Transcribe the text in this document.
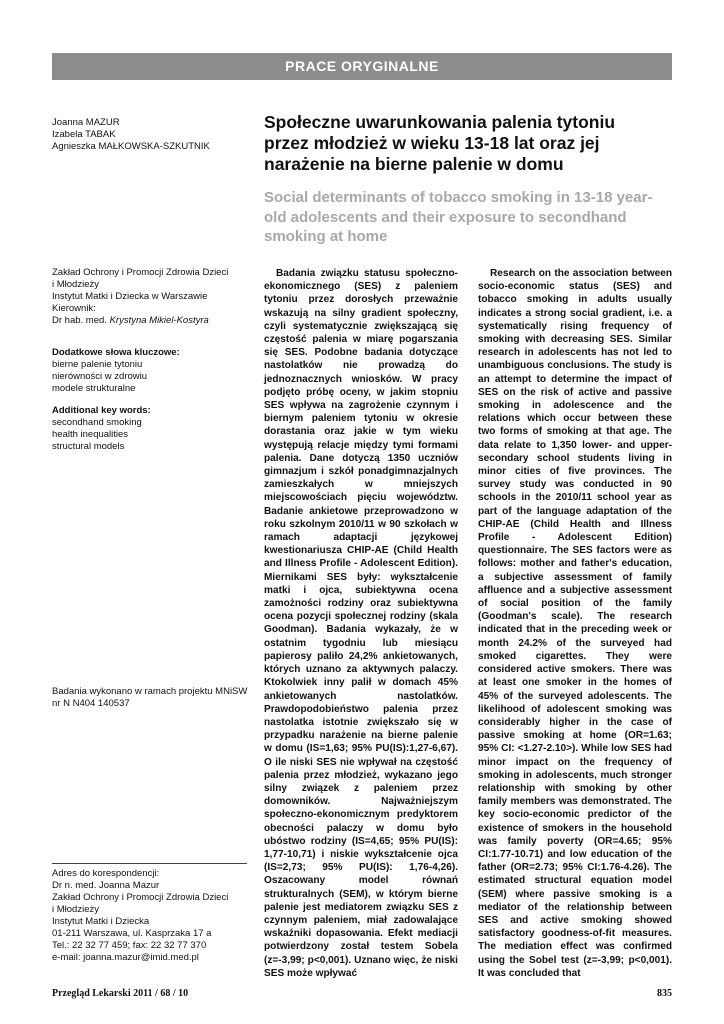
PRACE ORYGINALNE
Joanna MAZUR
Izabela TABAK
Agnieszka MAŁKOWSKA-SZKUTNIK
Społeczne uwarunkowania palenia tytoniu przez młodzież w wieku 13-18 lat oraz jej narażenie na bierne palenie w domu
Social determinants of tobacco smoking in 13-18 year-old adolescents and their exposure to secondhand smoking at home
Zakład Ochrony i Promocji Zdrowia Dzieci
i Młodzieży
Instytut Matki i Dziecka w Warszawie
Kierownik:
Dr hab. med. Krystyna Mikiel-Kostyra
Dodatkowe słowa kluczowe:
bierne palenie tytoniu
nierówności w zdrowiu
modele strukturalne
Additional key words:
secondhand smoking
health inequalities
structural models
Badania wykonano w ramach projektu MNiSW
nr N N404 140537
Adres do korespondencji:
Dr n. med. Joanna Mazur
Zakład Ochrony i Promocji Zdrowia Dzieci
i Młodzieży
Instytut Matki i Dziecka
01-211 Warszawa, ul. Kasprzaka 17 a
Tel.: 22 32 77 459; fax: 22 32 77 370
e-mail: joanna.mazur@imid.med.pl

Badania związku statusu społeczno-ekonomicznego (SES) z paleniem tytoniu przez dorosłych przeważnie wskazują na silny gradient społeczny, czyli systematycznie zwiększającą się częstość palenia w miarę pogarszania się SES. Podobne badania dotyczące nastolatków nie prowadzą do jednoznacznych wniosków. W pracy podjęto próbę oceny, w jakim stopniu SES wpływa na zagrożenie czynnym i biernym paleniem tytoniu w okresie dorastania oraz jakie w tym wieku występują relacje między tymi formami palenia. Dane dotyczą 1350 uczniów gimnazjum i szkół ponadgimnazjalnych zamieszkałych w mniejszych miejscowościach pięciu województw. Badanie ankietowe przeprowadzono w roku szkolnym 2010/11 w 90 szkołach w ramach adaptacji językowej kwestionariusza CHIP-AE (Child Health and Illness Profile - Adolescent Edition). Miernikami SES były: wykształcenie matki i ojca, subiektywna ocena zamożności rodziny oraz subiektywna ocena pozycji społecznej rodziny (skala Goodman). Badania wykazały, że w ostatnim tygodniu lub miesiącu papierosy paliło 24,2% ankietowanych, których uznano za aktywnych palaczy. Ktokolwiek inny palił w domach 45% ankietowanych nastolatków. Prawdopodobieństwo palenia przez nastolatka istotnie zwiększało się w przypadku narażenie na bierne palenie w domu (IS=1,63; 95% PU(IS):1,27-6,67). O ile niski SES nie wpływał na częstość palenia przez młodzież, wykazano jego silny związek z paleniem przez domowników. Najważniejszym społeczno-ekonomicznym predyktorem obecności palaczy w domu było ubóstwo rodziny (IS=4,65; 95% PU(IS): 1,77-10,71) i niskie wykształcenie ojca (IS=2,73; 95% PU(IS): 1,76-4,26). Oszacowany model równań strukturalnych (SEM), w którym bierne palenie jest mediatorem związku SES z czynnym paleniem, miał zadowalające wskaźniki dopasowania. Efekt mediacji potwierdzony został testem Sobela (z=-3,99; p<0,001). Uznano więc, że niski SES może wpływać

Research on the association between socio-economic status (SES) and tobacco smoking in adults usually indicates a strong social gradient, i.e. a systematically rising frequency of smoking with decreasing SES. Similar research in adolescents has not led to unambiguous conclusions. The study is an attempt to determine the impact of SES on the risk of active and passive smoking in adolescence and the relations which occur between these two forms of smoking at that age. The data relate to 1,350 lower- and upper-secondary school students living in minor cities of five provinces. The survey study was conducted in 90 schools in the 2010/11 school year as part of the language adaptation of the CHIP-AE (Child Health and Illness Profile - Adolescent Edition) questionnaire. The SES factors were as follows: mother and father's education, a subjective assessment of family affluence and a subjective assessment of social position of the family (Goodman's scale). The research indicated that in the preceding week or month 24.2% of the surveyed had smoked cigarettes. They were considered active smokers. There was at least one smoker in the homes of 45% of the surveyed adolescents. The likelihood of adolescent smoking was considerably higher in the case of passive smoking at home (OR=1.63; 95% CI: <1.27-2.10>). While low SES had minor impact on the frequency of smoking in adolescents, much stronger relationship with smoking by other family members was demonstrated. The key socio-economic predictor of the existence of smokers in the household was family poverty (OR=4.65; 95% CI:1.77-10.71) and low education of the father (OR=2.73; 95% CI:1.76-4.26). The estimated structural equation model (SEM) where passive smoking is a mediator of the relationship between SES and active smoking showed satisfactory goodness-of-fit measures. The mediation effect was confirmed using the Sobel test (z=-3,99; p<0,001). It was concluded that

Przegląd Lekarski 2011 / 68 / 10	835
